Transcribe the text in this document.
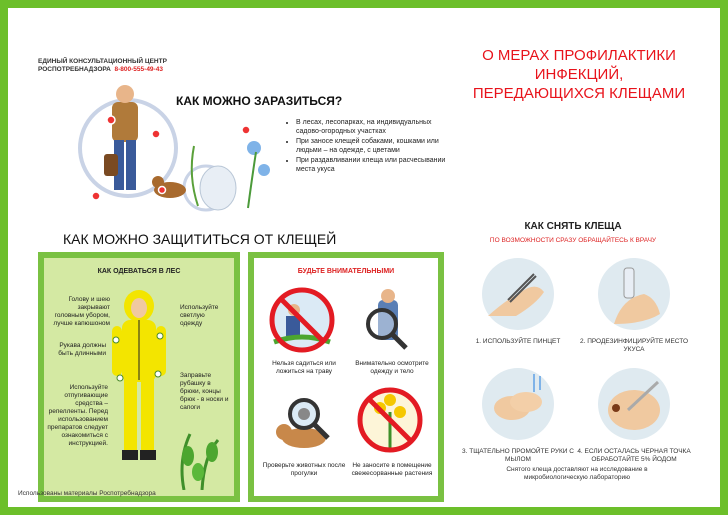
ЕДИНЫЙ КОНСУЛЬТАЦИОННЫЙ ЦЕНТР
РОСПОТРЕБНАДЗОРА 8-800-555-49-43
КАК МОЖНО ЗАРАЗИТЬСЯ?
О МЕРАХ ПРОФИЛАКТИКИ
ИНФЕКЦИЙ,
ПЕРЕДАЮЩИХСЯ КЛЕЩАМИ
• В лесах, лесопарках, на индивидуальных садово-огородных участках
• При заносе клещей собаками, кошками или людьми – на одежде, с цветами
• При раздавливании клеща или расчесывании места укуса
КАК МОЖНО ЗАЩИТИТЬСЯ ОТ КЛЕЩЕЙ
КАК ОДЕВАТЬСЯ В ЛЕС
Голову и шею закрывают головным убором, лучше капюшоном
Используйте светлую одежду
Рукава должны быть длинными
Используйте отпугивающие средства – репелленты. Перед использованием препаратов следует ознакомиться с инструкцией.
Заправьте рубашку в брюки, концы брюк - в носки и сапоги
БУДЬТЕ ВНИМАТЕЛЬНЫМИ
Нельзя садиться или ложиться на траву
Внимательно осмотрите одежду и тело
Проверьте животных после прогулки
Не заносите в помещение свежесорванные растения
КАК СНЯТЬ КЛЕЩА
ПО ВОЗМОЖНОСТИ СРАЗУ ОБРАЩАЙТЕСЬ К ВРАЧУ
1. ИСПОЛЬЗУЙТЕ ПИНЦЕТ	2. ПРОДЕЗИНФИЦИРУЙТЕ МЕСТО УКУСА
3. ТЩАТЕЛЬНО ПРОМОЙТЕ РУКИ С МЫЛОМ
4. ЕСЛИ ОСТАЛАСЬ ЧЕРНАЯ ТОЧКА ОБРАБОТАЙТЕ 5% ЙОДОМ
Снятого клеща доставляют на исследование в микробиологическую лабораторию
Использованы материалы Роспотребнадзора
